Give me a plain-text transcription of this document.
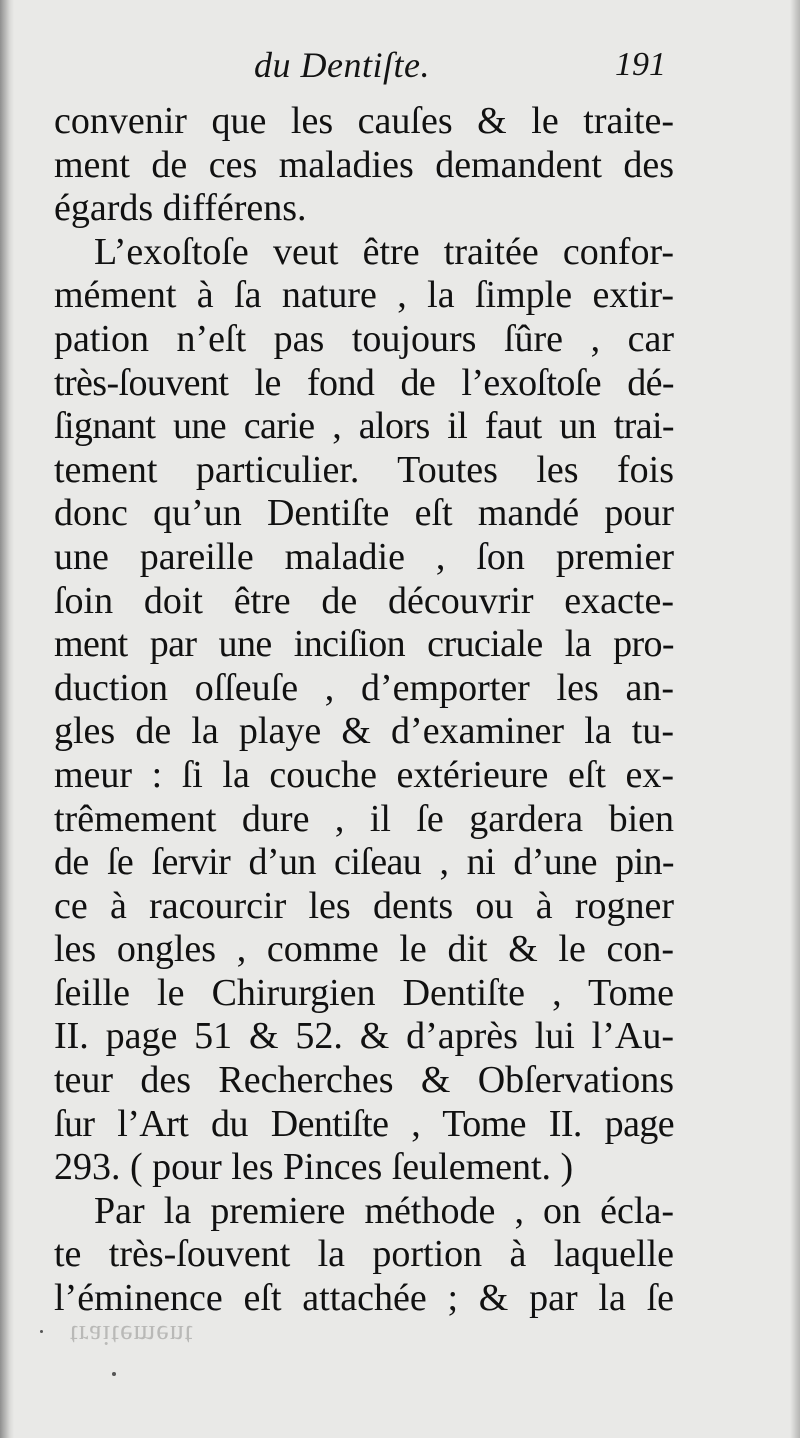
du Dentiſte.	191
convenir que les cauſes & le traite-
ment de ces maladies demandent des
égards différens.
L’exoſtoſe veut être traitée confor-
mément à ſa nature , la ſimple extir-
pation n’eſt pas toujours ſûre , car
très-ſouvent le fond de l’exoſtoſe dé-
ſignant une carie , alors il faut un trai-
tement particulier. Toutes les fois
donc qu’un Dentiſte eſt mandé pour
une pareille maladie , ſon premier
ſoin doit être de découvrir exacte-
ment par une inciſion cruciale la pro-
duction oſſeuſe , d’emporter les an-
gles de la playe & d’examiner la tu-
meur : ſi la couche extérieure eſt ex-
trêmement dure , il ſe gardera bien
de ſe ſervir d’un ciſeau , ni d’une pin-
ce à racourcir les dents ou à rogner
les ongles , comme le dit & le con-
ſeille le Chirurgien Dentiſte , Tome
II. page 51 & 52. & d’après lui l’Au-
teur des Recherches & Obſervations
ſur l’Art du Dentiſte , Tome II. page
293. ( pour les Pinces ſeulement. )
Par la premiere méthode , on écla-
te très-ſouvent la portion à laquelle
l’éminence eſt attachée ; & par la ſe
traitement
